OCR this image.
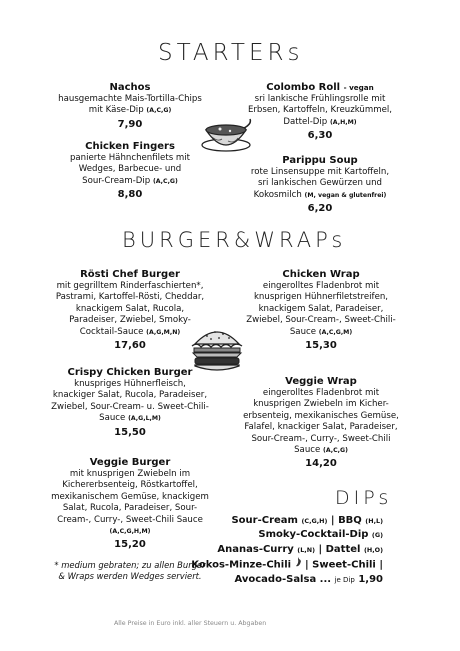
STARTERs
BURGER&WRAPs
DIPs
Nachos
hausgemachte Mais-Tortilla-Chips
mit Käse-Dip (A,C,G)
7,90
Chicken Fingers
panierte Hähnchenfilets mit
Wedges, Barbecue- und
Sour-Cream-Dip (A,C,G)
8,80
Colombo Roll - vegan
sri lankische Frühlingsrolle mit
Erbsen, Kartoffeln, Kreuzkümmel,
Dattel-Dip (A,H,M)
6,30
Parippu Soup
rote Linsensuppe mit Kartoffeln,
sri lankischen Gewürzen und
Kokosmilch (M, vegan & glutenfrei)
6,20
Rösti Chef Burger
mit gegrilltem Rinderfaschierten*,
Pastrami, Kartoffel-Rösti, Cheddar,
knackigem Salat, Rucola,
Paradeiser, Zwiebel, Smoky-
Cocktail-Sauce (A,G,M,N)
17,60
Crispy Chicken Burger
knuspriges Hühnerfleisch,
knackiger Salat, Rucola, Paradeiser,
Zwiebel, Sour-Cream- u. Sweet-Chili-
Sauce (A,G,L,M)
15,50
Veggie Burger
mit knusprigen Zwiebeln im
Kichererbsenteig, Röstkartoffel,
mexikanischem Gemüse, knackigem
Salat, Rucola, Paradeiser, Sour-
Cream-, Curry-, Sweet-Chili Sauce (A,C,G,H,M)
15,20
* medium gebraten; zu allen Burger
& Wraps werden Wedges serviert.
Chicken Wrap
eingerolltes Fladenbrot mit
knusprigen Hühnerfiletstreifen,
knackigem Salat, Paradeiser,
Zwiebel, Sour-Cream-, Sweet-Chili-
Sauce (A,C,G,M)
15,30
Veggie Wrap
eingerolltes Fladenbrot mit
knusprigen Zwiebeln im Kicher-
erbsenteig, mexikanisches Gemüse,
Falafel, knackiger Salat, Paradeiser,
Sour-Cream-, Curry-, Sweet-Chili
Sauce (A,C,G)
14,20
Sour-Cream (C,G,H) | BBQ (H,L)
Smoky-Cocktail-Dip (G)
Ananas-Curry (L,N) | Dattel (H,O)
Kokos-Minze-Chili | Sweet-Chili |
Avocado-Salsa ... je Dip 1,90
Alle Preise in Euro inkl. aller Steuern u. Abgaben
